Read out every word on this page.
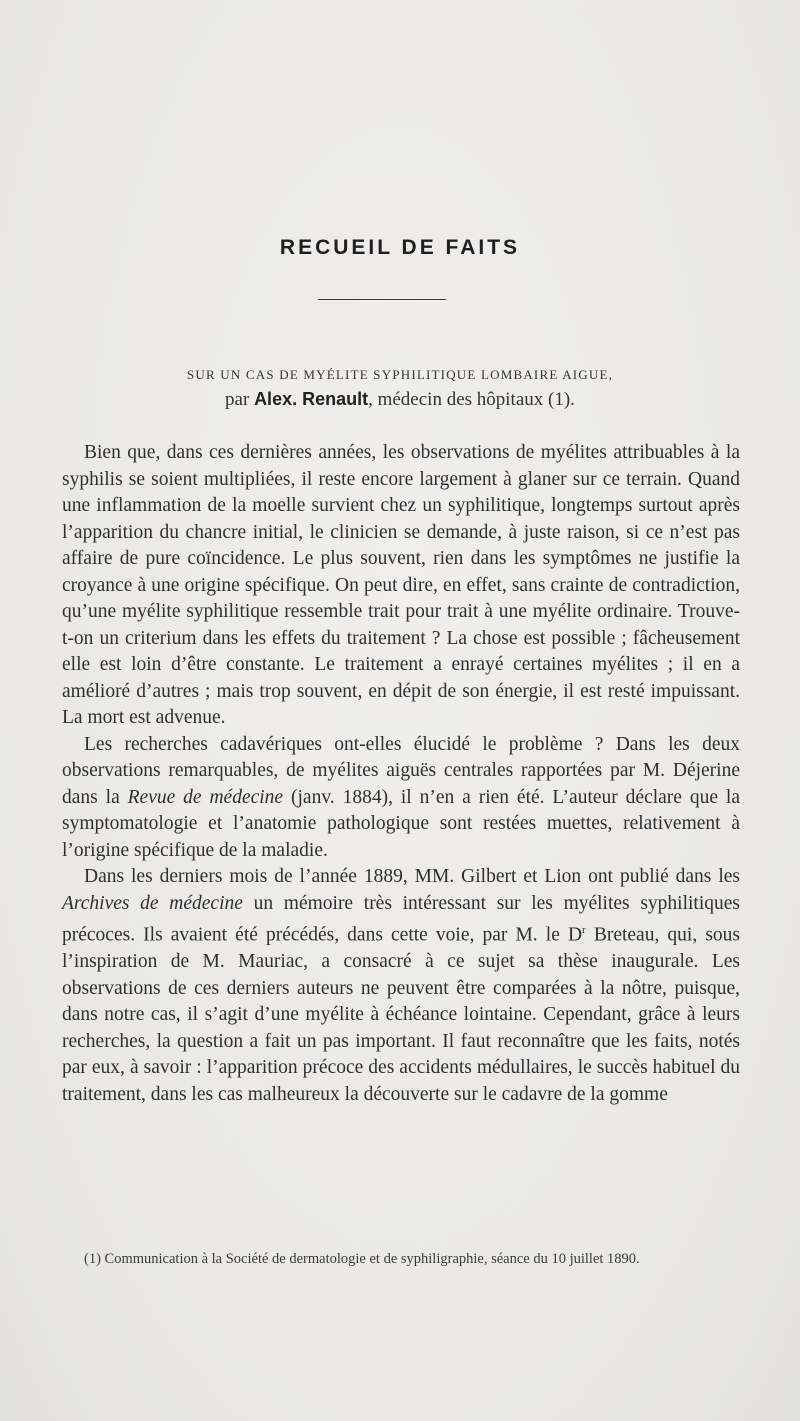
RECUEIL DE FAITS
SUR UN CAS DE MYÉLITE SYPHILITIQUE LOMBAIRE AIGUE,
par Alex. Renault, médecin des hôpitaux (1).

Bien que, dans ces dernières années, les observations de myélites attribuables à la syphilis se soient multipliées, il reste encore largement à glaner sur ce terrain. Quand une inflammation de la moelle survient chez un syphilitique, longtemps surtout après l’apparition du chancre initial, le clinicien se demande, à juste raison, si ce n’est pas affaire de pure coïncidence. Le plus souvent, rien dans les symptômes ne justifie la croyance à une origine spécifique. On peut dire, en effet, sans crainte de contradiction, qu’une myélite syphilitique ressemble trait pour trait à une myélite ordinaire. Trouve-t-on un criterium dans les effets du traitement ? La chose est possible ; fâcheusement elle est loin d’être constante. Le traitement a enrayé certaines myélites ; il en a amélioré d’autres ; mais trop souvent, en dépit de son énergie, il est resté impuissant. La mort est advenue.

Les recherches cadavériques ont-elles élucidé le problème ? Dans les deux observations remarquables, de myélites aiguës centrales rapportées par M. Déjerine dans la Revue de médecine (janv. 1884), il n’en a rien été. L’auteur déclare que la symptomatologie et l’anatomie pathologique sont restées muettes, relativement à l’origine spécifique de la maladie.

Dans les derniers mois de l’année 1889, MM. Gilbert et Lion ont publié dans les Archives de médecine un mémoire très intéressant sur les myélites syphilitiques précoces. Ils avaient été précédés, dans cette voie, par M. le $D^r$ Breteau, qui, sous l’inspiration de M. Mauriac, a consacré à ce sujet sa thèse inaugurale. Les observations de ces derniers auteurs ne peuvent être comparées à la nôtre, puisque, dans notre cas, il s’agit d’une myélite à échéance lointaine. Cependant, grâce à leurs recherches, la question a fait un pas important. Il faut reconnaître que les faits, notés par eux, à savoir : l’apparition précoce des accidents médullaires, le succès habituel du traitement, dans les cas malheureux la découverte sur le cadavre de la gomme

(1) Communication à la Société de dermatologie et de syphiligraphie, séance du 10 juillet 1890.
